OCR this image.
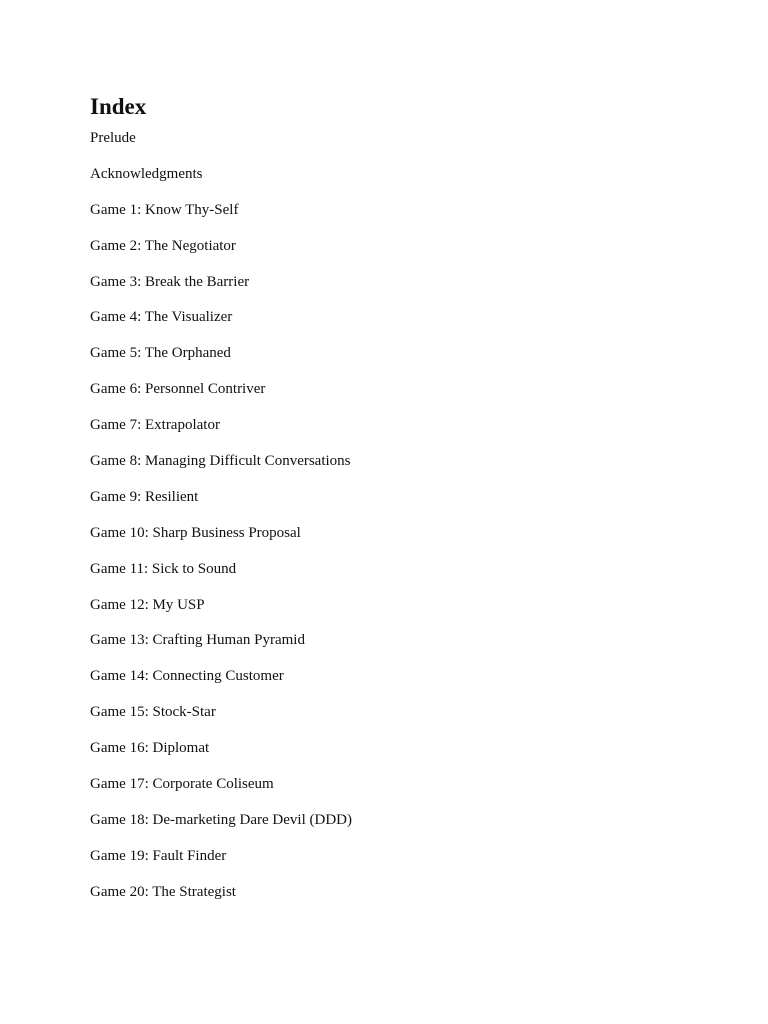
Index
Prelude
Acknowledgments
Game 1: Know Thy-Self
Game 2: The Negotiator
Game 3: Break the Barrier
Game 4: The Visualizer
Game 5: The Orphaned
Game 6: Personnel Contriver
Game 7: Extrapolator
Game 8: Managing Difficult Conversations
Game 9: Resilient
Game 10: Sharp Business Proposal
Game 11: Sick to Sound
Game 12: My USP
Game 13: Crafting Human Pyramid
Game 14: Connecting Customer
Game 15: Stock-Star
Game 16: Diplomat
Game 17: Corporate Coliseum
Game 18: De-marketing Dare Devil (DDD)
Game 19: Fault Finder
Game 20: The Strategist
